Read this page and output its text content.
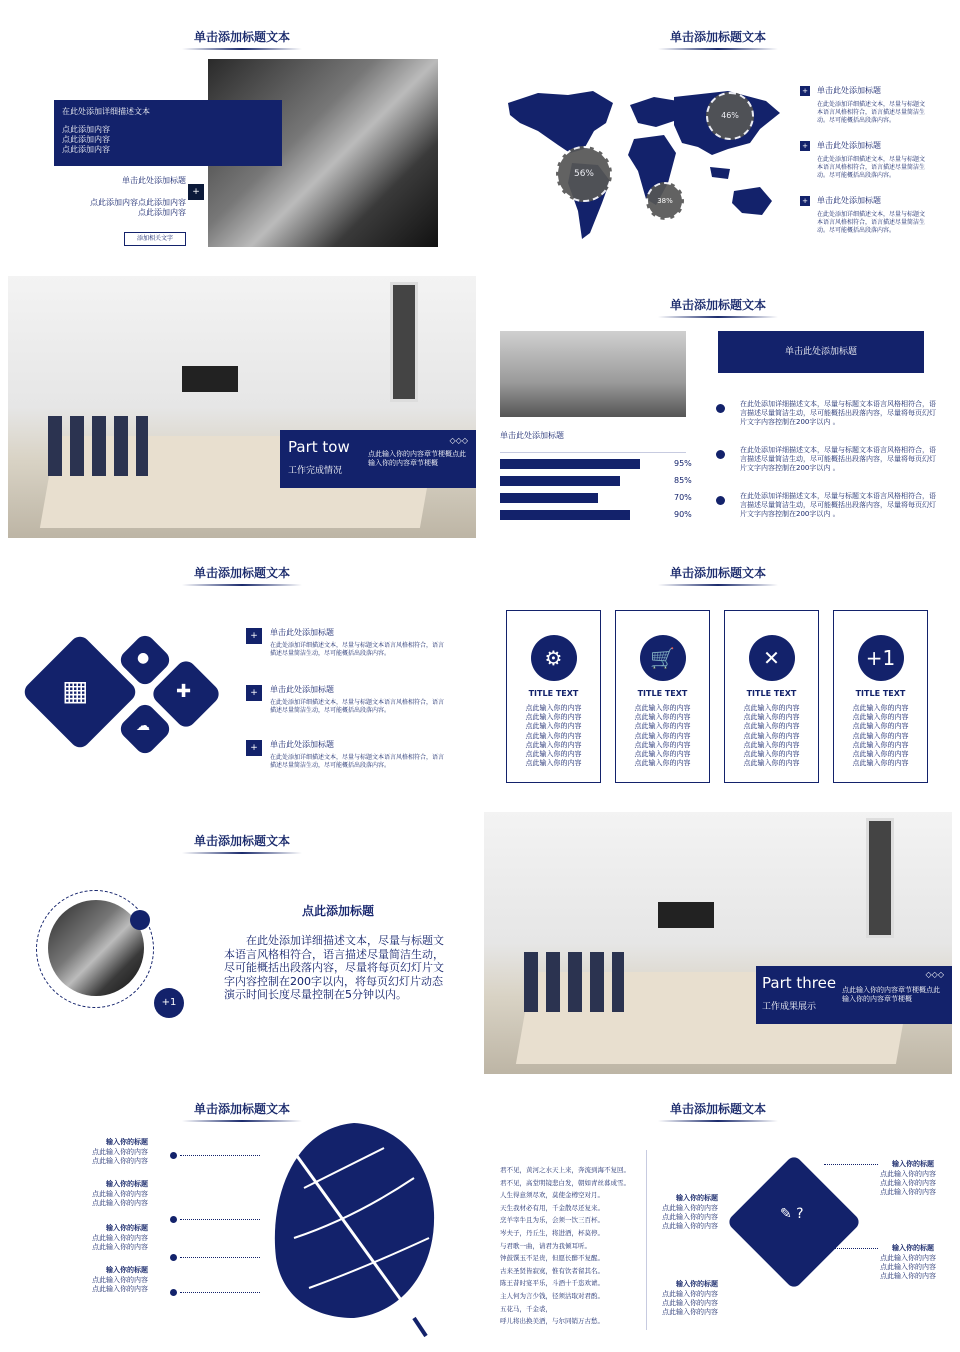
单击添加标题文本
在此处添加详细描述文本
点此添加内容
点此添加内容
点此添加内容
单击此处添加标题
+
点此添加内容点此添加内容
点此添加内容
添加相关文字
单击添加标题文本
56%
46%
38%
+ 单击此处添加标题
在此处添加详细描述文本，尽量与标题文本语言风格相符合，语言描述尽量简洁生动。尽可能概括出段落内容。
+ 单击此处添加标题
在此处添加详细描述文本，尽量与标题文本语言风格相符合，语言描述尽量简洁生动。尽可能概括出段落内容。
+ 单击此处添加标题
在此处添加详细描述文本，尽量与标题文本语言风格相符合，语言描述尽量简洁生动。尽可能概括出段落内容。
Part tow
工作完成情况
点此输入你的内容章节梗概点此输入你的内容章节梗概
◇◇◇
单击添加标题文本
单击此处添加标题
输入标题
95%
输入标题
85%
输入标题
70%
输入标题
90%
单击此处添加标题
在此处添加详细描述文本，尽量与标题文本语言风格相符合，语言描述尽量简洁生动，尽可能概括出段落内容，尽量将每页幻灯片文字内容控制在200字以内 。
在此处添加详细描述文本，尽量与标题文本语言风格相符合，语言描述尽量简洁生动，尽可能概括出段落内容，尽量将每页幻灯片文字内容控制在200字以内 。
在此处添加详细描述文本，尽量与标题文本语言风格相符合，语言描述尽量简洁生动，尽可能概括出段落内容，尽量将每页幻灯片文字内容控制在200字以内 。
单击添加标题文本
▦
●
✚
☁
+	单击此处添加标题
在此处添加详细描述文本，尽量与标题文本语言风格相符合，语言描述尽量简洁生动，尽可能概括出段落内容。
+	单击此处添加标题
在此处添加详细描述文本，尽量与标题文本语言风格相符合，语言描述尽量简洁生动，尽可能概括出段落内容。
+	单击此处添加标题
在此处添加详细描述文本，尽量与标题文本语言风格相符合，语言描述尽量简洁生动，尽可能概括出段落内容。
单击添加标题文本
⚙
TITLE TEXT
点此输入你的内容
点此输入你的内容
点此输入你的内容
点此输入你的内容
点此输入你的内容
点此输入你的内容
点此输入你的内容
🛒
TITLE TEXT
点此输入你的内容
点此输入你的内容
点此输入你的内容
点此输入你的内容
点此输入你的内容
点此输入你的内容
点此输入你的内容
✕
TITLE TEXT
点此输入你的内容
点此输入你的内容
点此输入你的内容
点此输入你的内容
点此输入你的内容
点此输入你的内容
点此输入你的内容
+1
TITLE TEXT
点此输入你的内容
点此输入你的内容
点此输入你的内容
点此输入你的内容
点此输入你的内容
点此输入你的内容
点此输入你的内容
单击添加标题文本
+1
点此添加标题
在此处添加详细描述文本，尽量与标题文本语言风格相符合，语言描述尽量简洁生动，尽可能概括出段落内容，尽量将每页幻灯片文字内容控制在200字以内，将每页幻灯片动态演示时间长度尽量控制在5分钟以内。
Part three
工作成果展示
点此输入你的内容章节梗概点此输入你的内容章节梗概
◇◇◇
单击添加标题文本
输入你的标题
点此输入你的内容
点此输入你的内容
输入你的标题
点此输入你的内容
点此输入你的内容
输入你的标题
点此输入你的内容
点此输入你的内容
输入你的标题
点此输入你的内容
点此输入你的内容
单击添加标题文本
君不见，黄河之水天上来，奔流到海不复回。
君不见，高堂明镜悲白发，朝如青丝暮成雪。
人生得意须尽欢，莫使金樽空对月。
天生我材必有用，千金散尽还复来。
烹羊宰牛且为乐，会须一饮三百杯。
岑夫子，丹丘生，将进酒，杯莫停。
与君歌一曲，请君为我倾耳听。
钟鼓馔玉不足贵，但愿长醉不复醒。
古来圣贤皆寂寞，惟有饮者留其名。
陈王昔时宴平乐，斗酒十千恣欢谑。
主人何为言少钱，径须沽取对君酌。
五花马，千金裘，
呼儿将出换美酒，与尔同销万古愁。
✎ ?
输入你的标题
点此输入你的内容
点此输入你的内容
点此输入你的内容
输入你的标题
点此输入你的内容
点此输入你的内容
点此输入你的内容
输入你的标题
点此输入你的内容
点此输入你的内容
点此输入你的内容
输入你的标题
点此输入你的内容
点此输入你的内容
点此输入你的内容
